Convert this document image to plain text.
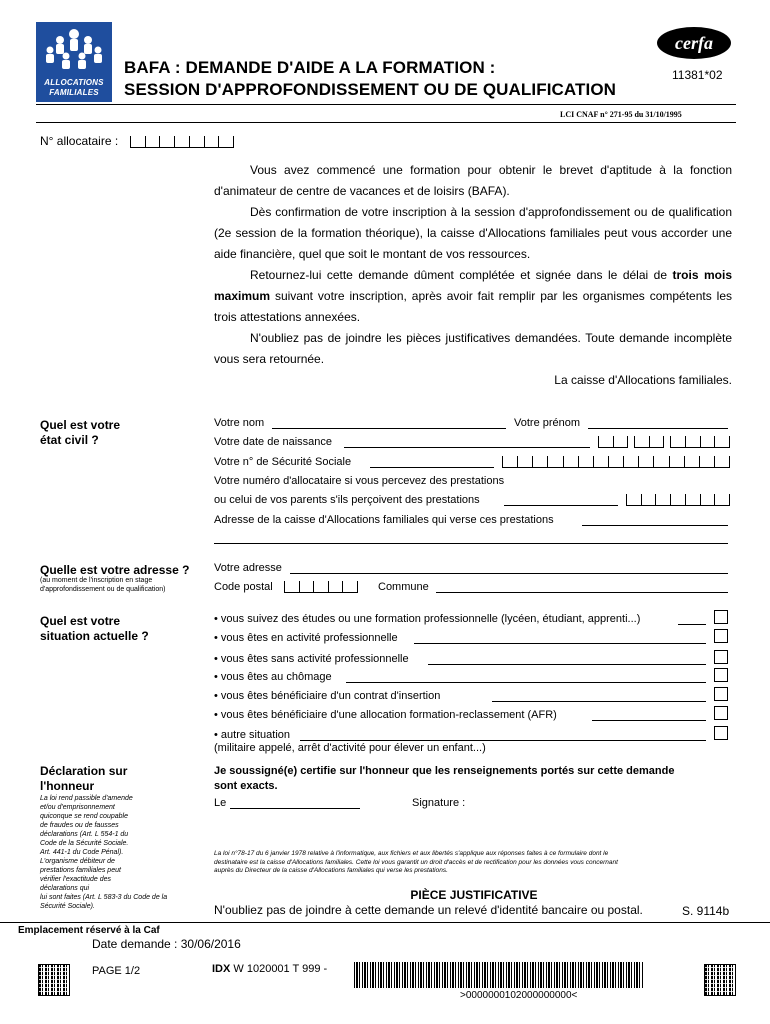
ALLOCATIONS
FAMILIALES
BAFA : DEMANDE D'AIDE A LA FORMATION :
SESSION D'APPROFONDISSEMENT OU DE QUALIFICATION
cerfa
11381*02
LCI CNAF n° 271-95 du 31/10/1995
N° allocataire :

Vous avez commencé une formation pour obtenir le brevet d'aptitude à la fonction d'animateur de centre de vacances et de loisirs (BAFA).

Dès confirmation de votre inscription à la session d'approfondissement ou de qualification (2e session de la formation théorique), la caisse d'Allocations familiales peut vous accorder une aide financière, quel que soit le montant de vos ressources.

Retournez-lui cette demande dûment complétée et signée dans le délai de trois mois maximum suivant votre inscription, après avoir fait remplir par les organismes compétents les trois attestations annexées.

N'oubliez pas de joindre les pièces justificatives demandées. Toute demande incomplète vous sera retournée.

La caisse d'Allocations familiales.

Quel est votre
état civil ?
Votre nom	Votre prénom
Votre date de naissance
Votre n° de Sécurité Sociale
Votre numéro d'allocataire si vous percevez des prestations
ou celui de vos parents s'ils perçoivent des prestations
Adresse de la caisse d'Allocations familiales qui verse ces prestations
Quelle est votre adresse ?
(au moment de l'inscription en stage
d'approfondissement ou de qualification)
Votre adresse
Code postal	Commune
Quel est votre
situation actuelle ?
• vous suivez des études ou une formation professionnelle (lycéen, étudiant, apprenti...)
• vous êtes en activité professionnelle
• vous êtes sans activité professionnelle
• vous êtes au chômage
• vous êtes bénéficiaire d'un contrat d'insertion
• vous êtes bénéficiaire d'une allocation formation-reclassement (AFR)
• autre situation
(militaire appelé, arrêt d'activité pour élever un enfant...)
Déclaration sur
l'honneur
La loi rend passible d'amende
et/ou d'emprisonnement
quiconque se rend coupable
de fraudes ou de fausses
déclarations (Art. L 554-1 du
Code de la Sécurité Sociale.
Art. 441-1 du Code Pénal).
L'organisme débiteur de
prestations familiales peut
vérifier l'exactitude des
déclarations qui
lui sont faites (Art. L 583-3 du Code de la
Sécurité Sociale).
Je soussigné(e) certifie sur l'honneur que les renseignements portés sur cette demande
sont exacts.
Le	Signature :
La loi n°78-17 du 6 janvier 1978 relative à l'informatique, aux fichiers et aux libertés s'applique aux réponses faites à ce formulaire dont le
destinataire est la caisse d'Allocations familiales. Cette loi vous garantit un droit d'accès et de rectification pour les données vous concernant
auprès du Directeur de la caisse d'Allocations familiales qui verse les prestations.
PIÈCE JUSTIFICATIVE
N'oubliez pas de joindre à cette demande un relevé d'identité bancaire ou postal.	S. 9114b
Emplacement réservé à la Caf
Date demande : 30/06/2016
PAGE 1/2	IDX W 1020001 T 999 -
>0000000102000000000<
